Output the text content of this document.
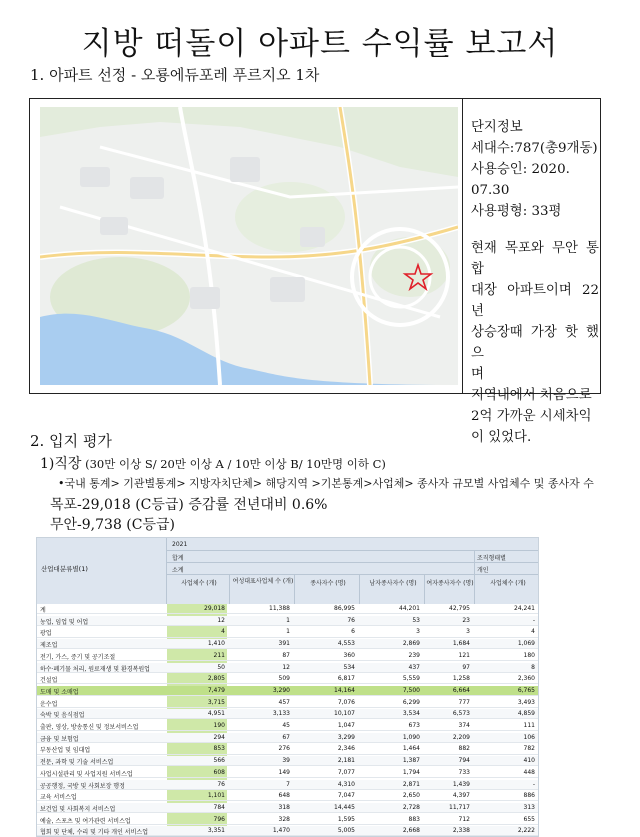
지방 떠돌이 아파트 수익률 보고서
1. 아파트 선정 - 오룡에듀포레 푸르지오 1차
단지정보
세대수:787(총9개동)
사용승인: 2020. 07.30
사용평형: 33평
현재 목포와 무안 통합
대장 아파트이며 22년
상승장때 가장 핫 했으
며
지역내에서 처음으로
2억 가까운 시세차익
이 있었다.
2. 입지 평가
1)직장 (30만 이상 S/ 20만 이상 A / 10만 이상 B/ 10만명 이하 C)
•국내 통계> 기관별통계> 지방자치단체> 해당지역 >기본통계>사업체> 종사자 규모별 사업체수 및 종사자 수
목포-29,018 (C등급) 증감률 전년대비 0.6%
무안-9,738 (C등급)
산업대분류별(1)
2021
합계	조직형태별
소계	개인
사업체수 (개)	여성대표사업체 수 (개)	종사자수 (명)	남자종사자수 (명)	여자종사자수 (명)	사업체수 (개)
계	29,018	11,388	86,995	44,201	42,795	24,241
농업, 임업 및 어업	12	1	76	53	23	-
광업	4	1	6	3	3	4
제조업	1,410	391	4,553	2,869	1,684	1,069
전기, 가스, 증기 및 공기조절	211	87	360	239	121	180
하수·폐기물 처리, 원료재생 및 환경복원업	50	12	534	437	97	8
건설업	2,805	509	6,817	5,559	1,258	2,360
도매 및 소매업	7,479	3,290	14,164	7,500	6,664	6,765
운수업	3,715	457	7,076	6,299	777	3,493
숙박 및 음식점업	4,951	3,133	10,107	3,534	6,573	4,859
출판, 영상, 방송통신 및 정보서비스업	190	45	1,047	673	374	111
금융 및 보험업	294	67	3,299	1,090	2,209	106
부동산업 및 임대업	853	276	2,346	1,464	882	782
전문, 과학 및 기술 서비스업	566	39	2,181	1,387	794	410
사업시설관리 및 사업지원 서비스업	608	149	7,077	1,794	733	448
공공행정, 국방 및 사회보장 행정	76	7	4,310	2,871	1,439	-
교육 서비스업	1,101	648	7,047	2,650	4,397	886
보건업 및 사회복지 서비스업	784	318	14,445	2,728	11,717	313
예술, 스포츠 및 여가관련 서비스업	796	328	1,595	883	712	655
협회 및 단체, 수리 및 기타 개인 서비스업	3,351	1,470	5,005	2,668	2,338	2,222
